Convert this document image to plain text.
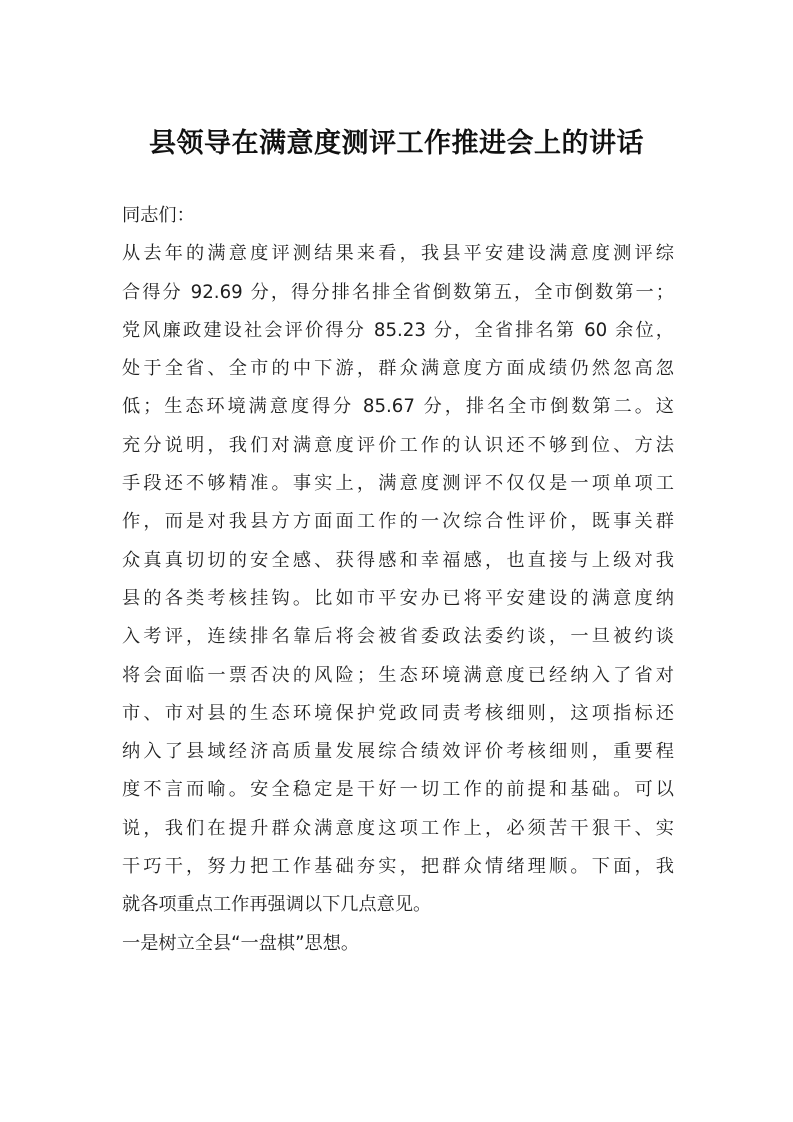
县领导在满意度测评工作推进会上的讲话
同志们：
从去年的满意度评测结果来看，我县平安建设满意度测评综
合得分 92.69 分，得分排名排全省倒数第五，全市倒数第一；
党风廉政建设社会评价得分 85.23 分，全省排名第 60 余位，
处于全省、全市的中下游，群众满意度方面成绩仍然忽高忽
低；生态环境满意度得分 85.67 分，排名全市倒数第二。这
充分说明，我们对满意度评价工作的认识还不够到位、方法
手段还不够精准。事实上，满意度测评不仅仅是一项单项工
作，而是对我县方方面面工作的一次综合性评价，既事关群
众真真切切的安全感、获得感和幸福感，也直接与上级对我
县的各类考核挂钩。比如市平安办已将平安建设的满意度纳
入考评，连续排名靠后将会被省委政法委约谈，一旦被约谈
将会面临一票否决的风险；生态环境满意度已经纳入了省对
市、市对县的生态环境保护党政同责考核细则，这项指标还
纳入了县域经济高质量发展综合绩效评价考核细则，重要程
度不言而喻。安全稳定是干好一切工作的前提和基础。可以
说，我们在提升群众满意度这项工作上，必须苦干狠干、实
干巧干，努力把工作基础夯实，把群众情绪理顺。下面，我
就各项重点工作再强调以下几点意见。
一是树立全县“一盘棋”思想。
